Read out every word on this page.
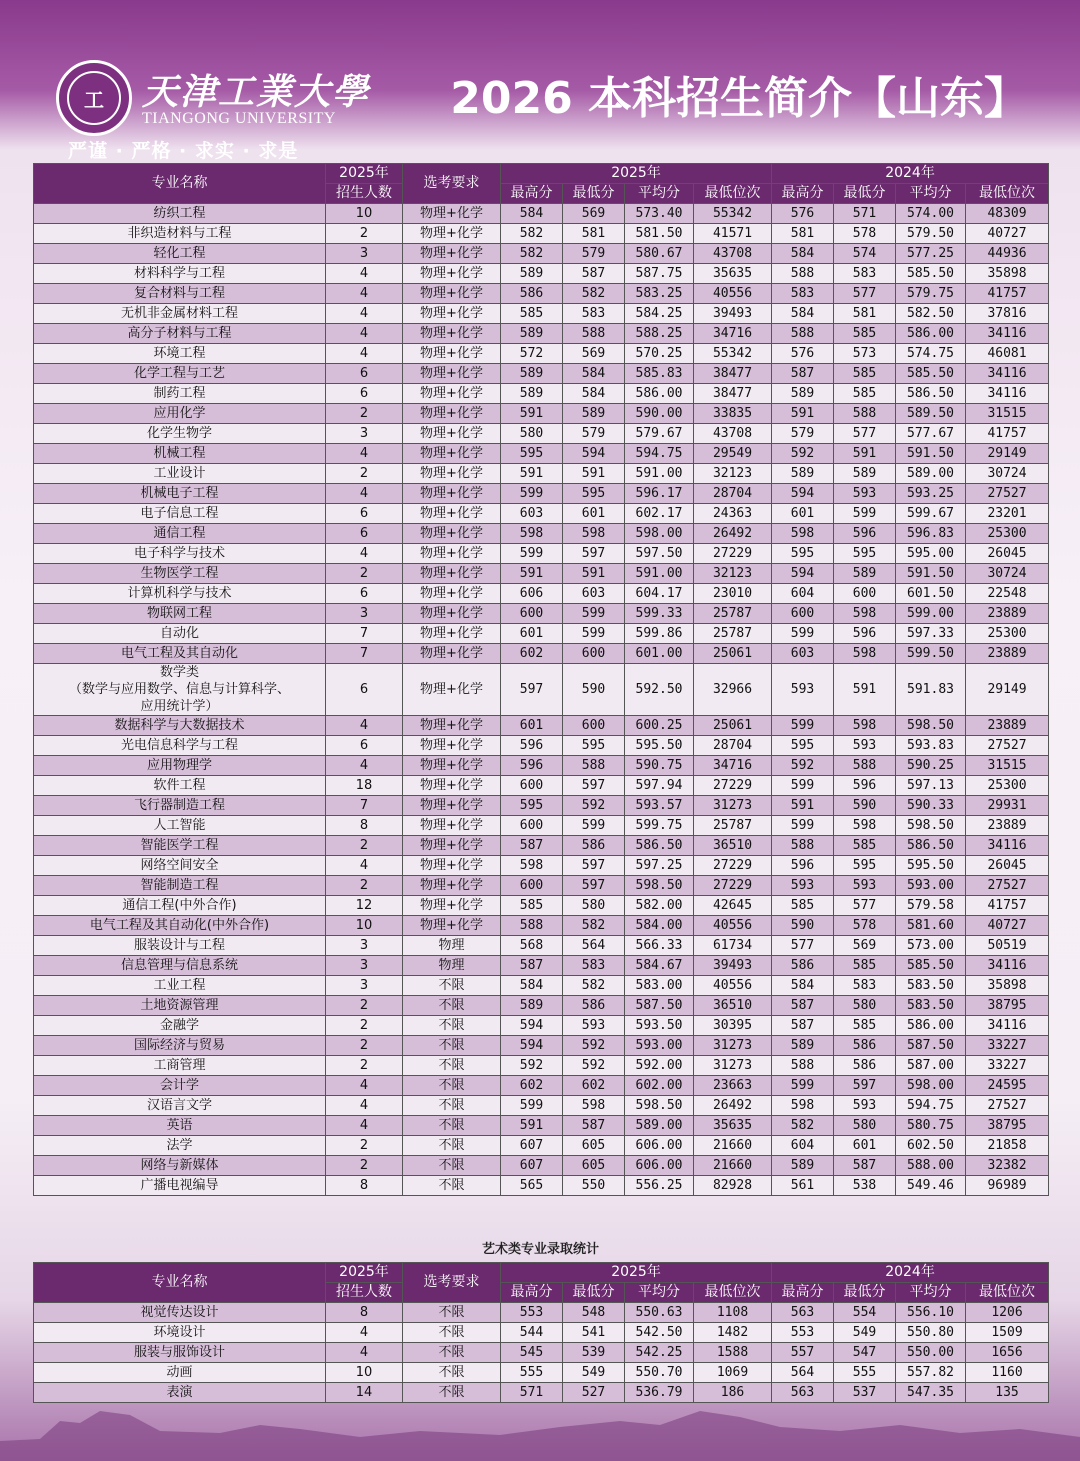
工	天津工業大學
TIANGONG UNIVERSITY
严谨 · 严格 · 求实 · 求是
2026 本科招生简介【山东】
专业名称	2025年	选考要求	2025年				2024年			
	招生人数		最高分	最低分	平均分	最低位次	最高分	最低分	平均分	最低位次
纺织工程	10	物理+化学	584	569	573.40	55342	576	571	574.00	48309
非织造材料与工程	2	物理+化学	582	581	581.50	41571	581	578	579.50	40727
轻化工程	3	物理+化学	582	579	580.67	43708	584	574	577.25	44936
材料科学与工程	4	物理+化学	589	587	587.75	35635	588	583	585.50	35898
复合材料与工程	4	物理+化学	586	582	583.25	40556	583	577	579.75	41757
无机非金属材料工程	4	物理+化学	585	583	584.25	39493	584	581	582.50	37816
高分子材料与工程	4	物理+化学	589	588	588.25	34716	588	585	586.00	34116
环境工程	4	物理+化学	572	569	570.25	55342	576	573	574.75	46081
化学工程与工艺	6	物理+化学	589	584	585.83	38477	587	585	585.50	34116
制药工程	6	物理+化学	589	584	586.00	38477	589	585	586.50	34116
应用化学	2	物理+化学	591	589	590.00	33835	591	588	589.50	31515
化学生物学	3	物理+化学	580	579	579.67	43708	579	577	577.67	41757
机械工程	4	物理+化学	595	594	594.75	29549	592	591	591.50	29149
工业设计	2	物理+化学	591	591	591.00	32123	589	589	589.00	30724
机械电子工程	4	物理+化学	599	595	596.17	28704	594	593	593.25	27527
电子信息工程	6	物理+化学	603	601	602.17	24363	601	599	599.67	23201
通信工程	6	物理+化学	598	598	598.00	26492	598	596	596.83	25300
电子科学与技术	4	物理+化学	599	597	597.50	27229	595	595	595.00	26045
生物医学工程	2	物理+化学	591	591	591.00	32123	594	589	591.50	30724
计算机科学与技术	6	物理+化学	606	603	604.17	23010	604	600	601.50	22548
物联网工程	3	物理+化学	600	599	599.33	25787	600	598	599.00	23889
自动化	7	物理+化学	601	599	599.86	25787	599	596	597.33	25300
电气工程及其自动化	7	物理+化学	602	600	601.00	25061	603	598	599.50	23889
数学类
（数学与应用数学、信息与计算科学、
应用统计学）	6	物理+化学	597	590	592.50	32966	593	591	591.83	29149
数据科学与大数据技术	4	物理+化学	601	600	600.25	25061	599	598	598.50	23889
光电信息科学与工程	6	物理+化学	596	595	595.50	28704	595	593	593.83	27527
应用物理学	4	物理+化学	596	588	590.75	34716	592	588	590.25	31515
软件工程	18	物理+化学	600	597	597.94	27229	599	596	597.13	25300
飞行器制造工程	7	物理+化学	595	592	593.57	31273	591	590	590.33	29931
人工智能	8	物理+化学	600	599	599.75	25787	599	598	598.50	23889
智能医学工程	2	物理+化学	587	586	586.50	36510	588	585	586.50	34116
网络空间安全	4	物理+化学	598	597	597.25	27229	596	595	595.50	26045
智能制造工程	2	物理+化学	600	597	598.50	27229	593	593	593.00	27527
通信工程(中外合作)	12	物理+化学	585	580	582.00	42645	585	577	579.58	41757
电气工程及其自动化(中外合作)	10	物理+化学	588	582	584.00	40556	590	578	581.60	40727
服装设计与工程	3	物理	568	564	566.33	61734	577	569	573.00	50519
信息管理与信息系统	3	物理	587	583	584.67	39493	586	585	585.50	34116
工业工程	3	不限	584	582	583.00	40556	584	583	583.50	35898
土地资源管理	2	不限	589	586	587.50	36510	587	580	583.50	38795
金融学	2	不限	594	593	593.50	30395	587	585	586.00	34116
国际经济与贸易	2	不限	594	592	593.00	31273	589	586	587.50	33227
工商管理	2	不限	592	592	592.00	31273	588	586	587.00	33227
会计学	4	不限	602	602	602.00	23663	599	597	598.00	24595
汉语言文学	4	不限	599	598	598.50	26492	598	593	594.75	27527
英语	4	不限	591	587	589.00	35635	582	580	580.75	38795
法学	2	不限	607	605	606.00	21660	604	601	602.50	21858
网络与新媒体	2	不限	607	605	606.00	21660	589	587	588.00	32382
广播电视编导	8	不限	565	550	556.25	82928	561	538	549.46	96989
艺术类专业录取统计
专业名称	2025年	选考要求	2025年				2024年			
	招生人数		最高分	最低分	平均分	最低位次	最高分	最低分	平均分	最低位次
视觉传达设计	8	不限	553	548	550.63	1108	563	554	556.10	1206
环境设计	4	不限	544	541	542.50	1482	553	549	550.80	1509
服装与服饰设计	4	不限	545	539	542.25	1588	557	547	550.00	1656
动画	10	不限	555	549	550.70	1069	564	555	557.82	1160
表演	14	不限	571	527	536.79	186	563	537	547.35	135
